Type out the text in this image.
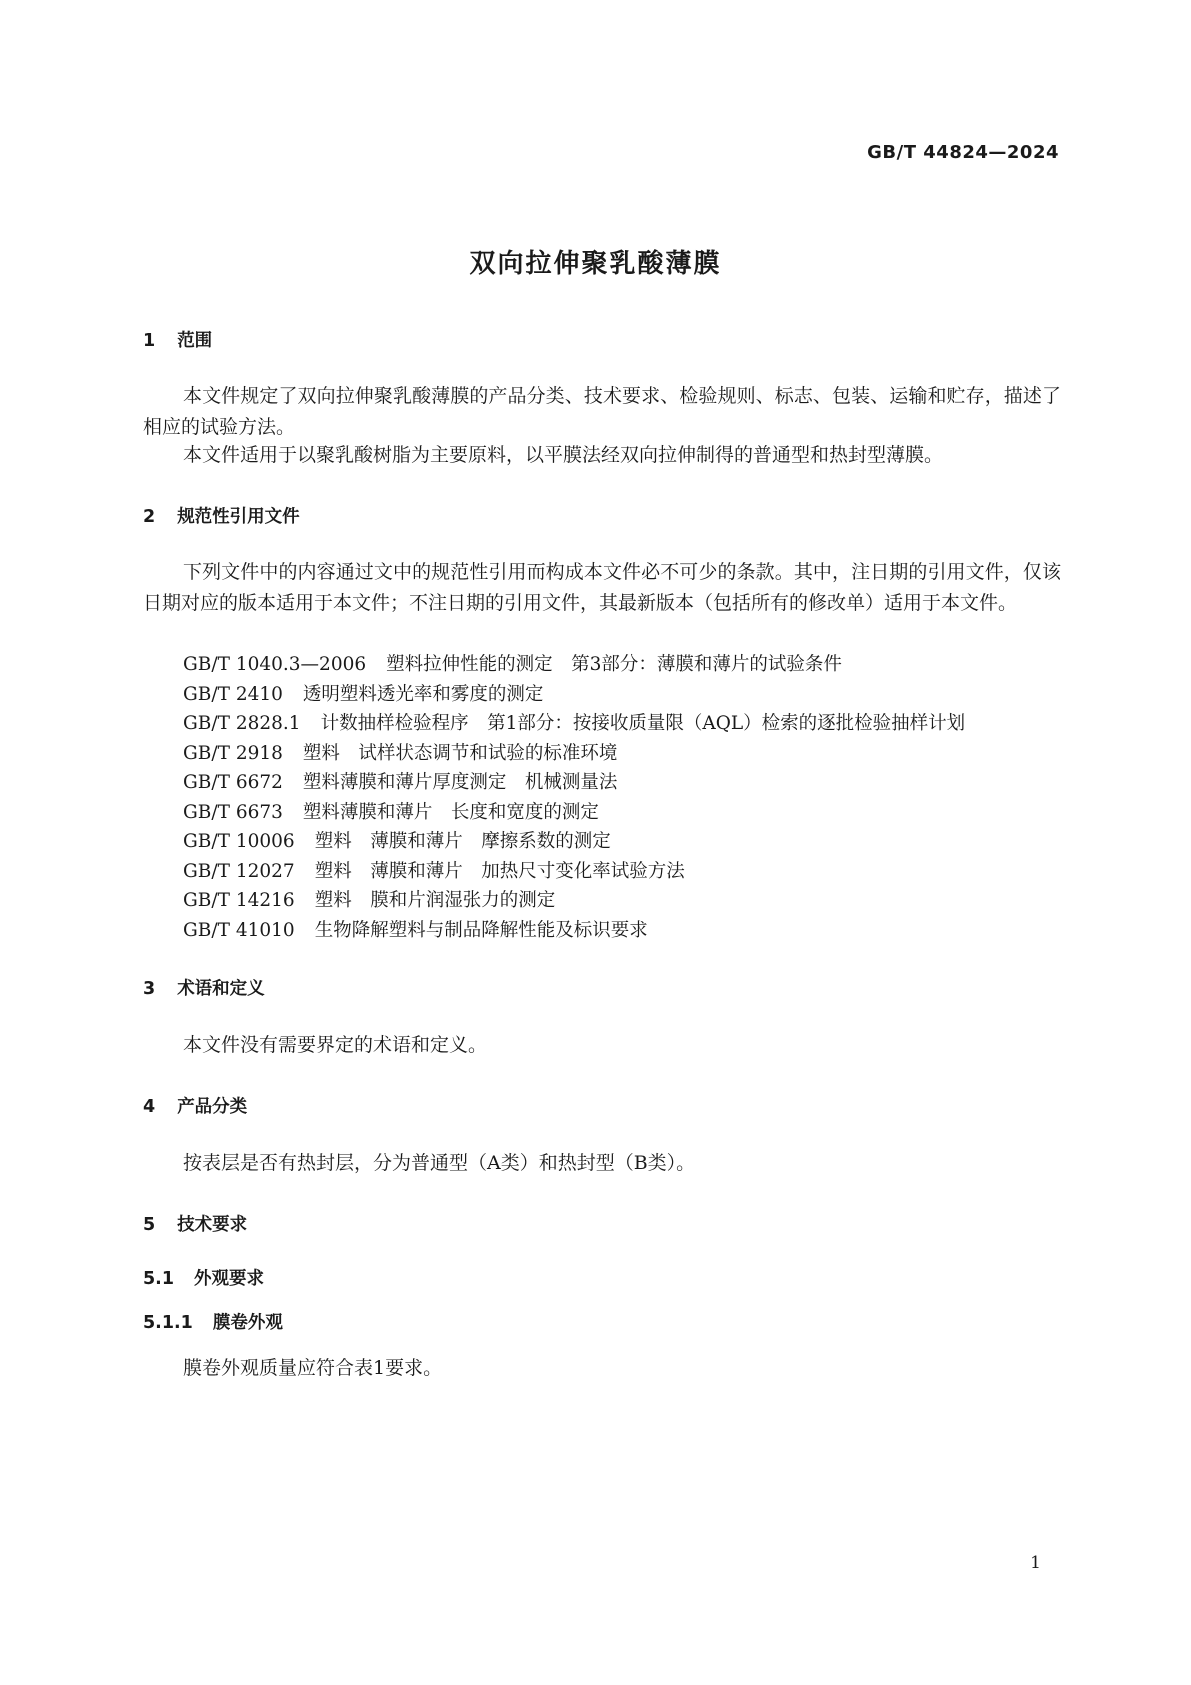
GB/T 44824—2024
双向拉伸聚乳酸薄膜
1 范围
本文件规定了双向拉伸聚乳酸薄膜的产品分类、技术要求、检验规则、标志、包装、运输和贮存，描述了相应的试验方法。
本文件适用于以聚乳酸树脂为主要原料，以平膜法经双向拉伸制得的普通型和热封型薄膜。
2 规范性引用文件
下列文件中的内容通过文中的规范性引用而构成本文件必不可少的条款。其中，注日期的引用文件，仅该日期对应的版本适用于本文件；不注日期的引用文件，其最新版本（包括所有的修改单）适用于本文件。
GB/T 1040.3—2006 塑料拉伸性能的测定　第3部分：薄膜和薄片的试验条件
GB/T 2410 透明塑料透光率和雾度的测定
GB/T 2828.1 计数抽样检验程序　第1部分：按接收质量限（AQL）检索的逐批检验抽样计划
GB/T 2918 塑料　试样状态调节和试验的标准环境
GB/T 6672 塑料薄膜和薄片厚度测定　机械测量法
GB/T 6673 塑料薄膜和薄片　长度和宽度的测定
GB/T 10006 塑料　薄膜和薄片　摩擦系数的测定
GB/T 12027 塑料　薄膜和薄片　加热尺寸变化率试验方法
GB/T 14216 塑料　膜和片润湿张力的测定
GB/T 41010 生物降解塑料与制品降解性能及标识要求
3 术语和定义
本文件没有需要界定的术语和定义。
4 产品分类
按表层是否有热封层，分为普通型（A类）和热封型（B类）。
5 技术要求
5.1 外观要求
5.1.1 膜卷外观
膜卷外观质量应符合表1要求。
1
